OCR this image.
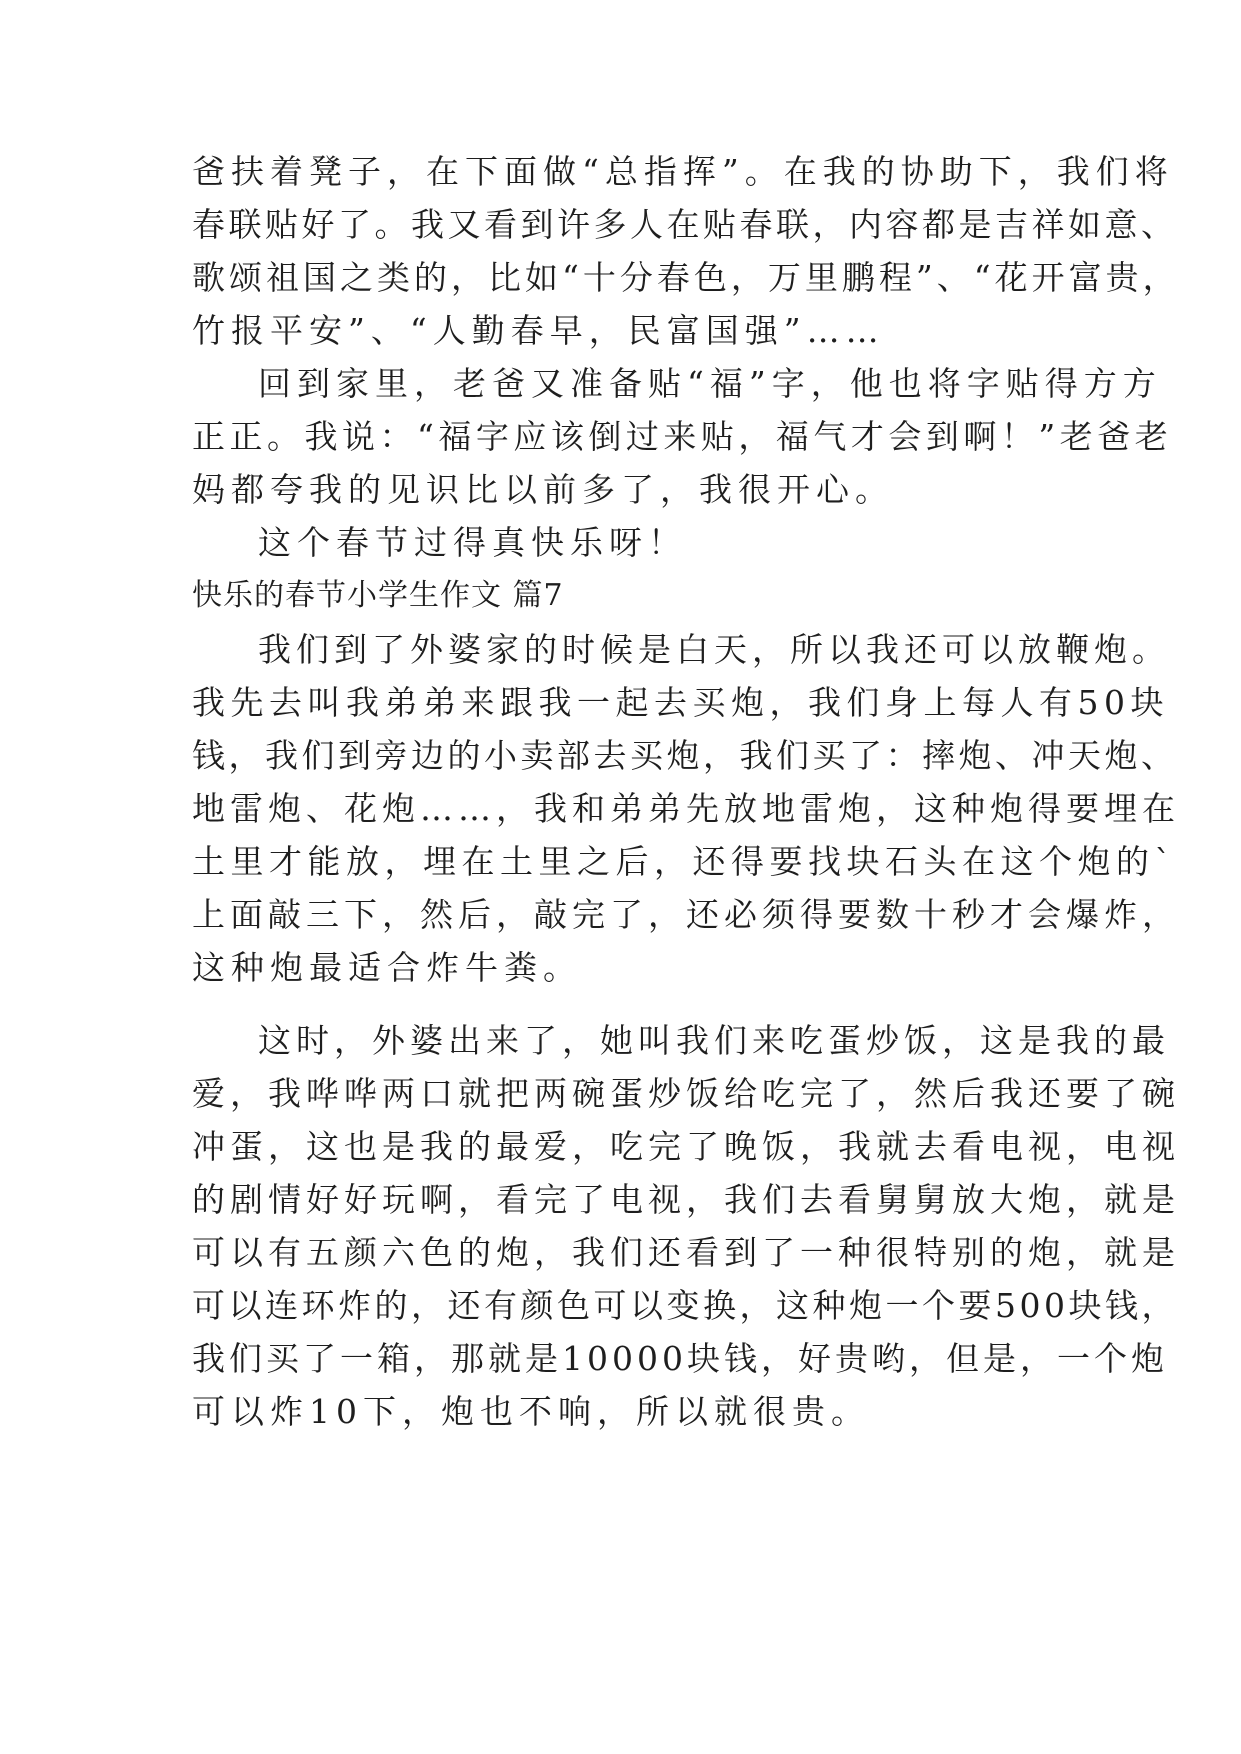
爸扶着凳子，在下面做“总指挥”。在我的协助下，我们将

春联贴好了。我又看到许多人在贴春联，内容都是吉祥如意、

歌颂祖国之类的，比如“十分春色，万里鹏程”、“花开富贵，

竹报平安”、“人勤春早，民富国强”……

回到家里，老爸又准备贴“福”字，他也将字贴得方方

正正。我说：“福字应该倒过来贴，福气才会到啊！”老爸老

妈都夸我的见识比以前多了，我很开心。

这个春节过得真快乐呀！

快乐的春节小学生作文 篇7

我们到了外婆家的时候是白天，所以我还可以放鞭炮。

我先去叫我弟弟来跟我一起去买炮，我们身上每人有50块

钱，我们到旁边的小卖部去买炮，我们买了：摔炮、冲天炮、

地雷炮、花炮……，我和弟弟先放地雷炮，这种炮得要埋在

土里才能放，埋在土里之后，还得要找块石头在这个炮的`

上面敲三下，然后，敲完了，还必须得要数十秒才会爆炸，

这种炮最适合炸牛粪。

这时，外婆出来了，她叫我们来吃蛋炒饭，这是我的最

爱，我哗哗两口就把两碗蛋炒饭给吃完了，然后我还要了碗

冲蛋，这也是我的最爱，吃完了晚饭，我就去看电视，电视

的剧情好好玩啊，看完了电视，我们去看舅舅放大炮，就是

可以有五颜六色的炮，我们还看到了一种很特别的炮，就是

可以连环炸的，还有颜色可以变换，这种炮一个要500块钱，

我们买了一箱，那就是10000块钱，好贵哟，但是，一个炮

可以炸10下，炮也不响，所以就很贵。
